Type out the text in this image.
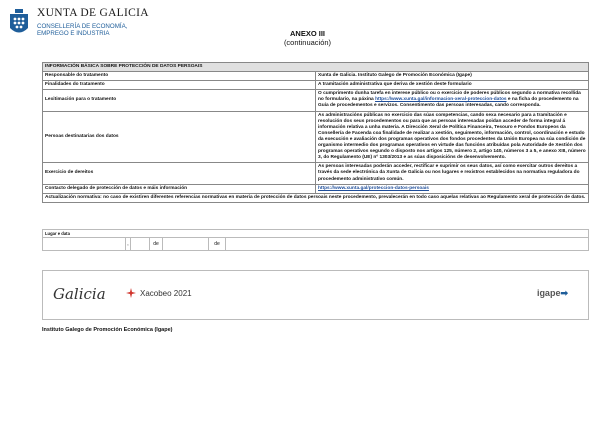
XUNTA DE GALICIA
CONSELLERÍA DE ECONOMÍA,
EMPREGO E INDUSTRIA	ANEXO III
(continuación)
INFORMACIÓN BÁSICA SOBRE PROTECCIÓN DE DATOS PERSOAIS	
Responsable do tratamento	Xunta de Galicia. Instituto Galego de Promoción Económica (Igape)
Finalidades do tratamento	A tramitación administrativa que deriva de xestión deste formulario
Lexitimación para o tratamento	O cumprimento dunha tarefa en interese público ou o exercicio de poderes públicos segundo a normativa recollida no formulario, na páxina https://www.xunta.gal/informacion-xeral-proteccion-datos e na ficha do procedemento na Guía de procedementos e servizos. Consentimento das persoas interesadas, cando corresponda.
Persoas destinatarias dos datos	As administracións públicas no exercicio das súas competencias, cando sexa necesario para a tramitación e resolución dos seus procedementos ou para que as persoas interesadas poidan acceder de forma integral á información relativa a unha materia. A Dirección Xeral de Política Financeira, Tesouro e Fondos Europeos da Consellería de Facenda coa finalidade de realizar a xestión, seguimento, información, control, coordinación e estudo da execución e avaliación dos programas operativos dos fondos procedentes da Unión Europea na súa condición de organismo intermedio dos programas operativos en virtude das funcións atribuídas pola Autoridade de Xestión dos programas operativos segundo o disposto nos artigos 125, número 2, artigo 140, números 3 a 5, e anexo XIII, número 3, do Regulamento (UE) nº 1303/2013 e as súas disposicións de desenvolvemento.
Exercicio de dereitos	As persoas interesadas poderán acceder, rectificar e suprimir os seus datos, así como exercitar outros dereitos a través da sede electrónica da Xunta de Galicia ou nos lugares e rexistros establecidos na normativa reguladora do procedemento administrativo común.
Contacto delegado de protección de datos e máis información	https://www.xunta.gal/proteccion-datos-persoais
Actualización normativa: no caso de existiren diferentes referencias normativas en materia de protección de datos persoais neste procedemento, prevalecerán en todo caso aquelas relativas ao Regulamento xeral de protección de datos.	
Lugar e data
,	de	de
Galicia	Xacobeo 2021	igape➡
Instituto Galego de Promoción Económica (Igape)
